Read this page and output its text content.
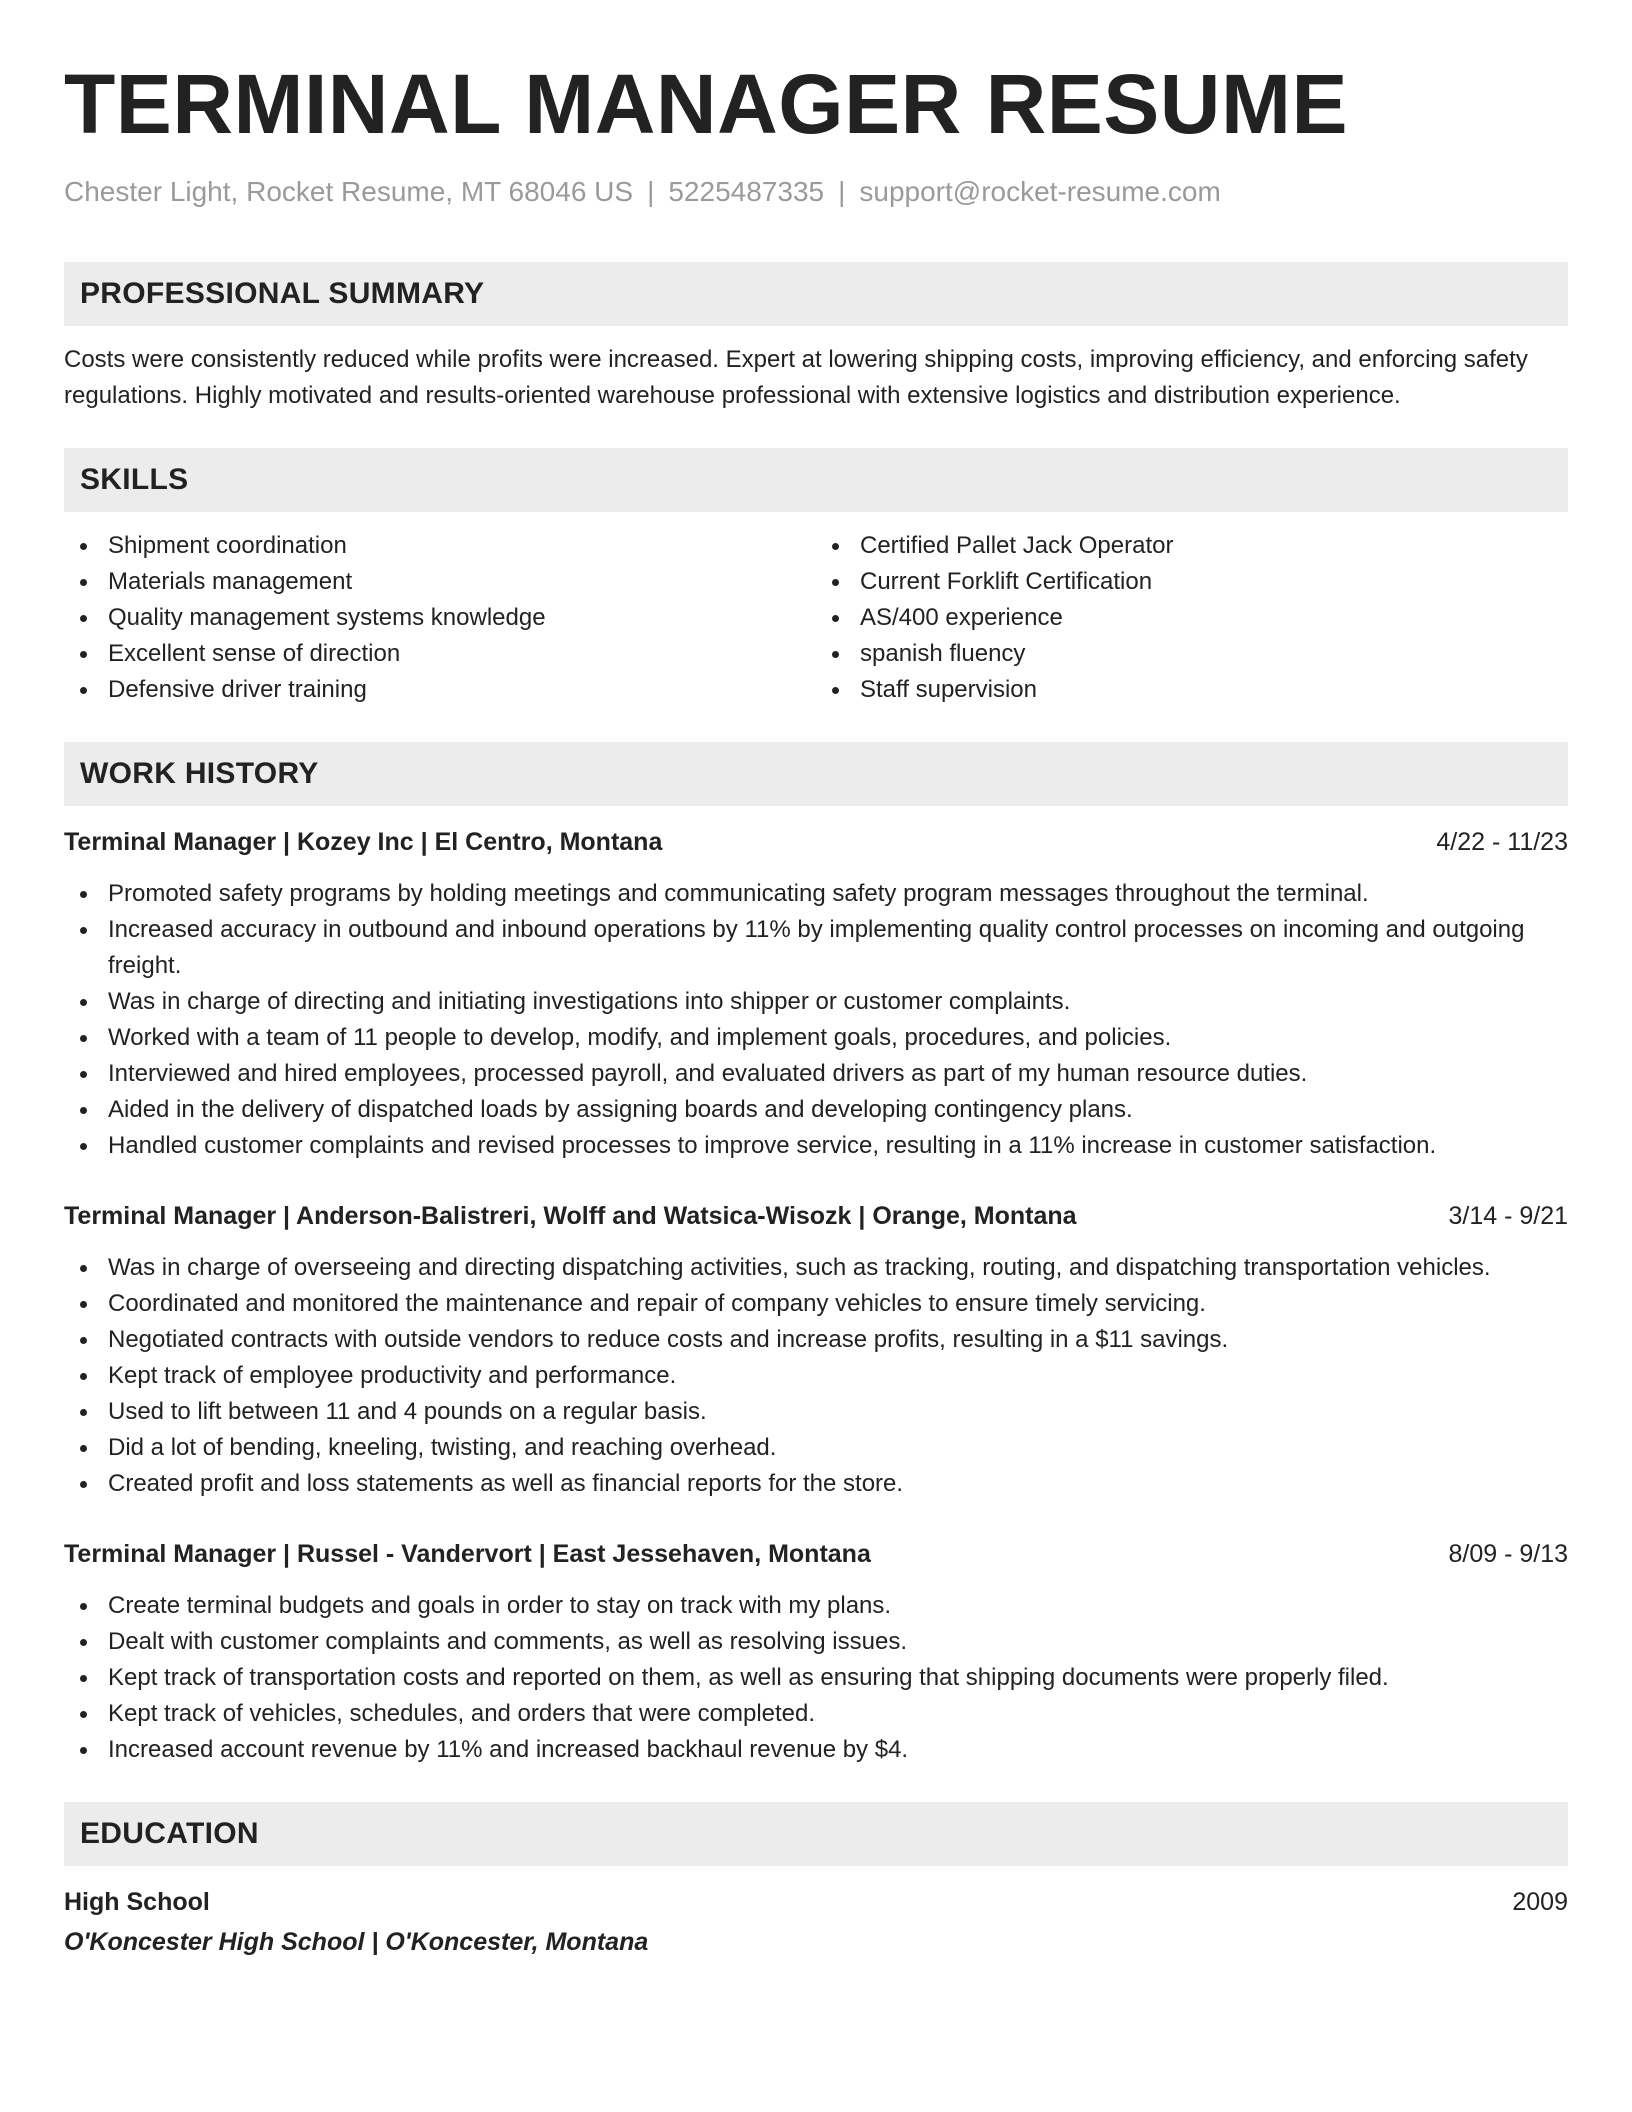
TERMINAL MANAGER RESUME
Chester Light, Rocket Resume, MT 68046 US | 5225487335 | support@rocket-resume.com
PROFESSIONAL SUMMARY

Costs were consistently reduced while profits were increased. Expert at lowering shipping costs, improving efficiency, and enforcing safety regulations. Highly motivated and results-oriented warehouse professional with extensive logistics and distribution experience.

SKILLS
Shipment coordination
Materials management
Quality management systems knowledge
Excellent sense of direction
Defensive driver training
Certified Pallet Jack Operator
Current Forklift Certification
AS/400 experience
spanish fluency
Staff supervision
WORK HISTORY
Terminal Manager | Kozey Inc | El Centro, Montana	4/22 - 11/23
Promoted safety programs by holding meetings and communicating safety program messages throughout the terminal.
Increased accuracy in outbound and inbound operations by 11% by implementing quality control processes on incoming and outgoing freight.
Was in charge of directing and initiating investigations into shipper or customer complaints.
Worked with a team of 11 people to develop, modify, and implement goals, procedures, and policies.
Interviewed and hired employees, processed payroll, and evaluated drivers as part of my human resource duties.
Aided in the delivery of dispatched loads by assigning boards and developing contingency plans.
Handled customer complaints and revised processes to improve service, resulting in a 11% increase in customer satisfaction.
Terminal Manager | Anderson-Balistreri, Wolff and Watsica-Wisozk | Orange, Montana	3/14 - 9/21
Was in charge of overseeing and directing dispatching activities, such as tracking, routing, and dispatching transportation vehicles.
Coordinated and monitored the maintenance and repair of company vehicles to ensure timely servicing.
Negotiated contracts with outside vendors to reduce costs and increase profits, resulting in a $11 savings.
Kept track of employee productivity and performance.
Used to lift between 11 and 4 pounds on a regular basis.
Did a lot of bending, kneeling, twisting, and reaching overhead.
Created profit and loss statements as well as financial reports for the store.
Terminal Manager | Russel - Vandervort | East Jessehaven, Montana	8/09 - 9/13
Create terminal budgets and goals in order to stay on track with my plans.
Dealt with customer complaints and comments, as well as resolving issues.
Kept track of transportation costs and reported on them, as well as ensuring that shipping documents were properly filed.
Kept track of vehicles, schedules, and orders that were completed.
Increased account revenue by 11% and increased backhaul revenue by $4.
EDUCATION
High School	2009
O'Koncester High School | O'Koncester, Montana
